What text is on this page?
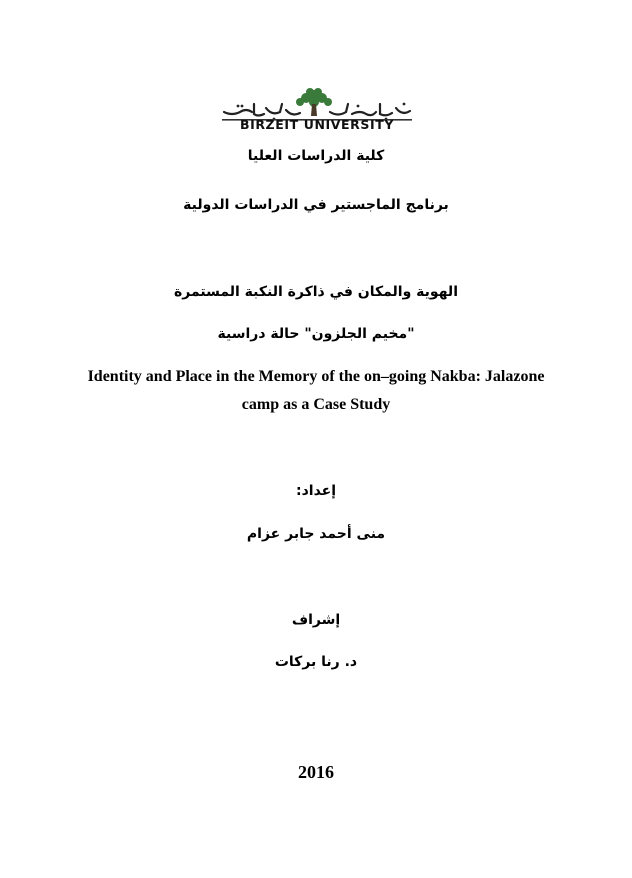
BIRZEIT UNIVERSITY
كلية الدراسات العليا
برنامج الماجستير في الدراسات الدولية
الهوية والمكان في ذاكرة النكبة المستمرة
"مخيم الجلزون" حالة دراسية
Identity and Place in the Memory of the on–going Nakba: Jalazone
camp as a Case Study
إعداد:
منى أحمد جابر عزام
إشراف
د. رنا بركات
2016
